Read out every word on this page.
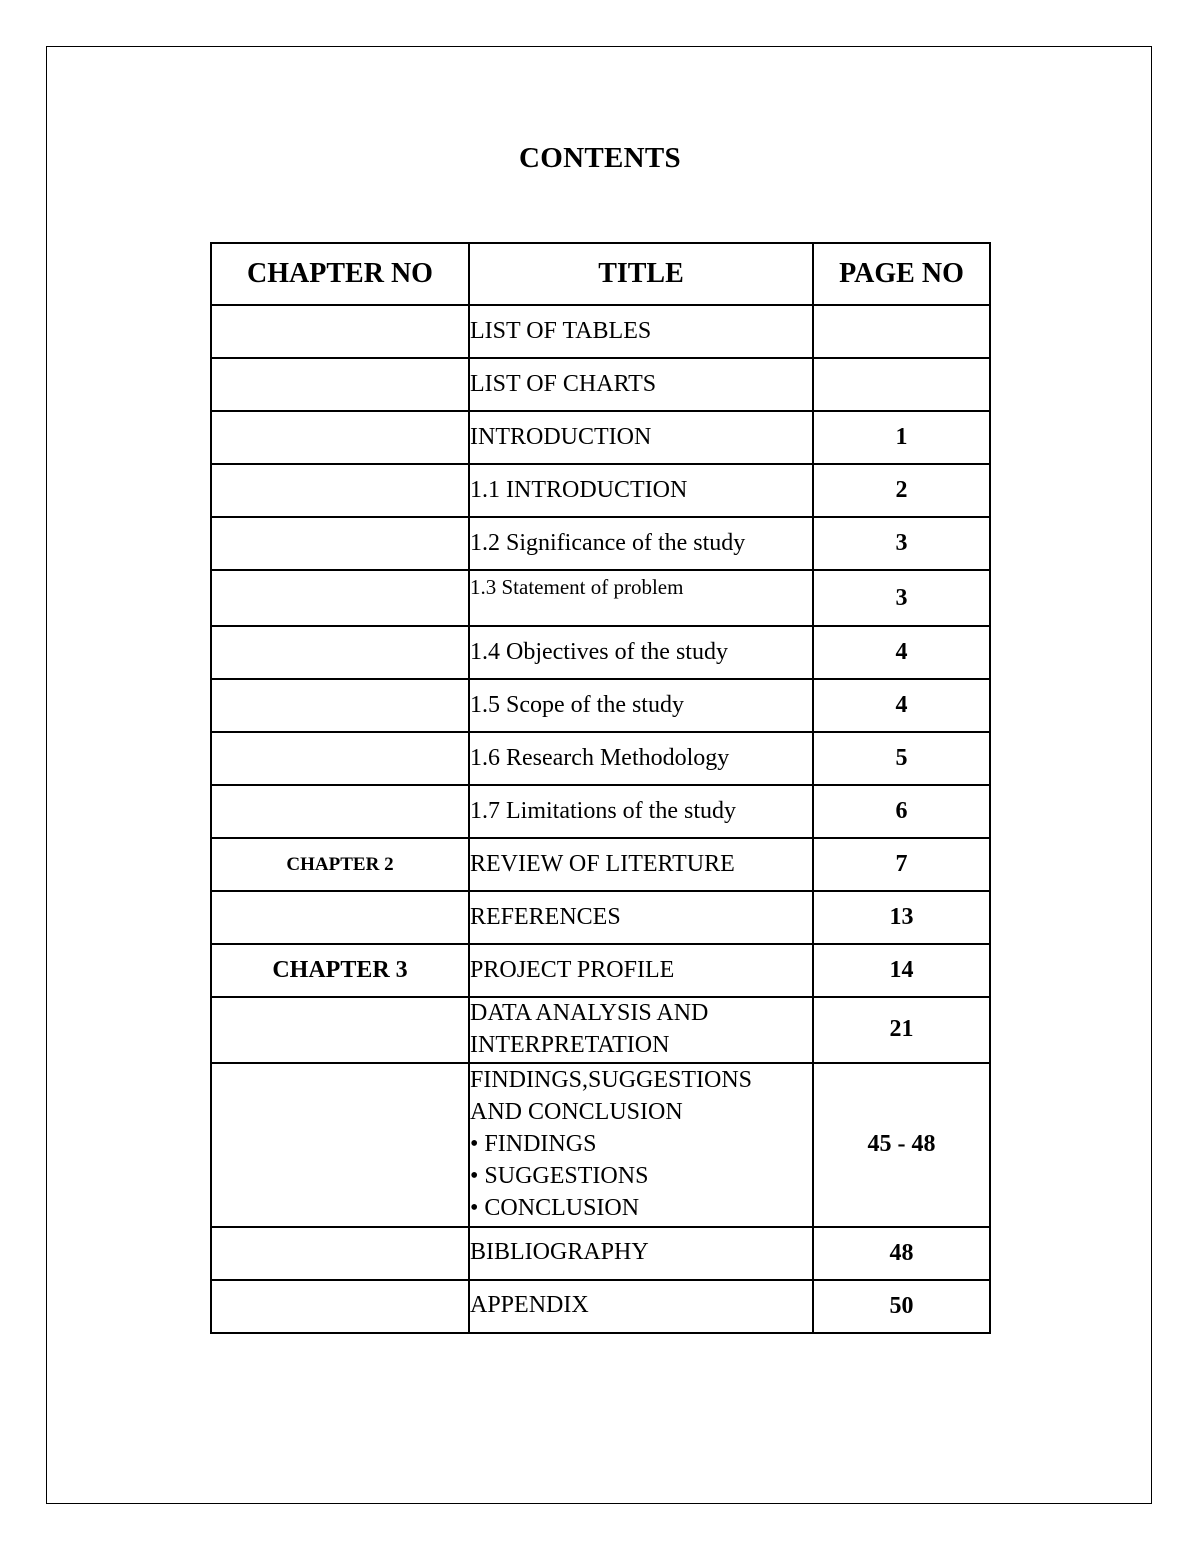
CONTENTS
CHAPTER NO	TITLE	PAGE NO

	LIST OF TABLES	

	LIST OF CHARTS	

	INTRODUCTION	1

	1.1 INTRODUCTION	2

	1.2 Significance of the study	3

	1.3 Statement of problem	3

	1.4 Objectives of the study	4

	1.5 Scope of the study	4

	1.6 Research Methodology	5

	1.7 Limitations of the study	6
CHAPTER 2	REVIEW OF LITERTURE	7

	REFERENCES	13
CHAPTER 3	PROJECT PROFILE	14

	DATA ANALYSIS AND
INTERPRETATION	21

	FINDINGS,SUGGESTIONS
AND CONCLUSION
• FINDINGS
• SUGGESTIONS
• CONCLUSION	45 - 48

	BIBLIOGRAPHY	48

	APPENDIX	50
